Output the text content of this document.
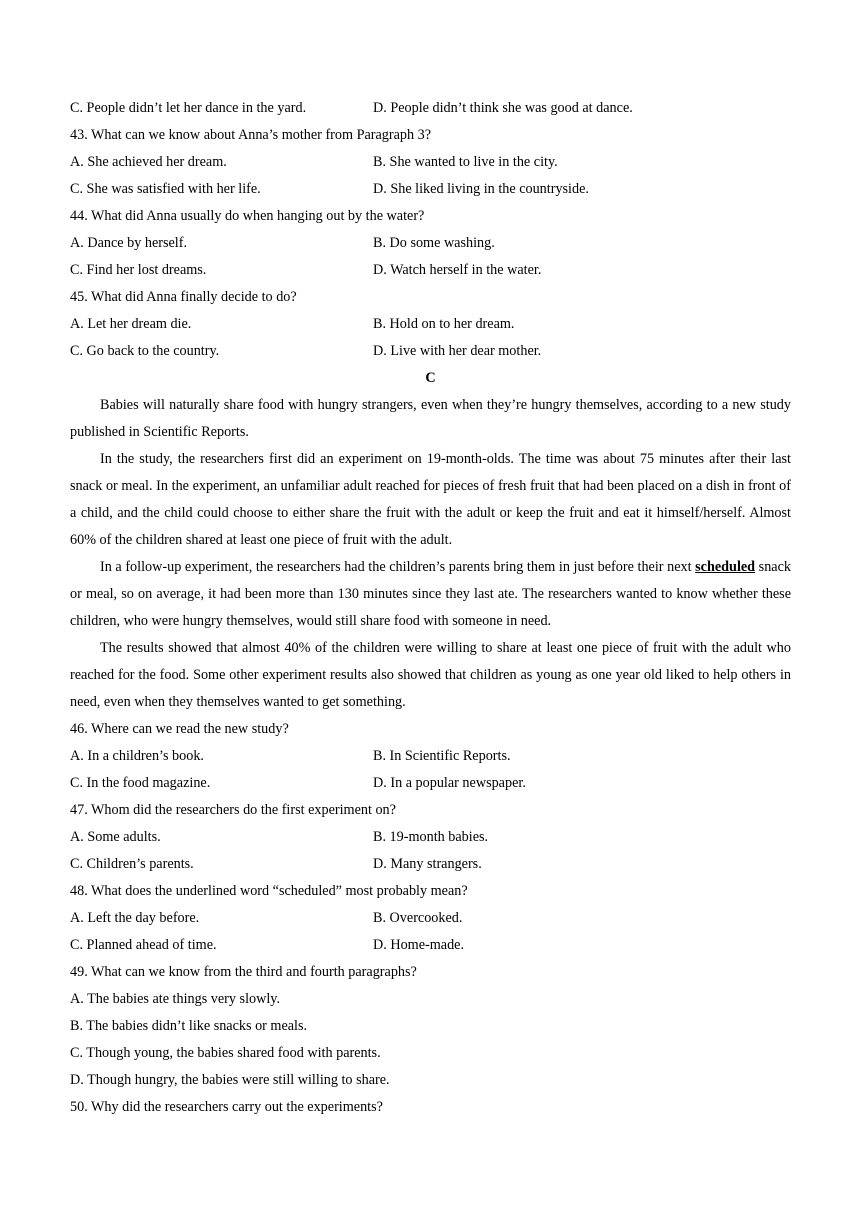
C. People didn’t let her dance in the yard.	D. People didn’t think she was good at dance.
43. What can we know about Anna’s mother from Paragraph 3?
A. She achieved her dream.	B. She wanted to live in the city.
C. She was satisfied with her life.	D. She liked living in the countryside.
44. What did Anna usually do when hanging out by the water?
A. Dance by herself.	B. Do some washing.
C. Find her lost dreams.	D. Watch herself in the water.
45. What did Anna finally decide to do?
A. Let her dream die.	B. Hold on to her dream.
C. Go back to the country.	D. Live with her dear mother.
C

Babies will naturally share food with hungry strangers, even when they’re hungry themselves, according to a new study published in Scientific Reports.

In the study, the researchers first did an experiment on 19-month-olds. The time was about 75 minutes after their last snack or meal. In the experiment, an unfamiliar adult reached for pieces of fresh fruit that had been placed on a dish in front of a child, and the child could choose to either share the fruit with the adult or keep the fruit and eat it himself/herself. Almost 60% of the children shared at least one piece of fruit with the adult.

In a follow-up experiment, the researchers had the children’s parents bring them in just before their next scheduled snack or meal, so on average, it had been more than 130 minutes since they last ate. The researchers wanted to know whether these children, who were hungry themselves, would still share food with someone in need.

The results showed that almost 40% of the children were willing to share at least one piece of fruit with the adult who reached for the food. Some other experiment results also showed that children as young as one year old liked to help others in need, even when they themselves wanted to get something.

46. Where can we read the new study?
A. In a children’s book.	B. In Scientific Reports.
C. In the food magazine.	D. In a popular newspaper.
47. Whom did the researchers do the first experiment on?
A. Some adults.	B. 19-month babies.
C. Children’s parents.	D. Many strangers.
48. What does the underlined word “scheduled” most probably mean?
A. Left the day before.	B. Overcooked.
C. Planned ahead of time.	D. Home-made.
49. What can we know from the third and fourth paragraphs?
A. The babies ate things very slowly.
B. The babies didn’t like snacks or meals.
C. Though young, the babies shared food with parents.
D. Though hungry, the babies were still willing to share.
50. Why did the researchers carry out the experiments?
